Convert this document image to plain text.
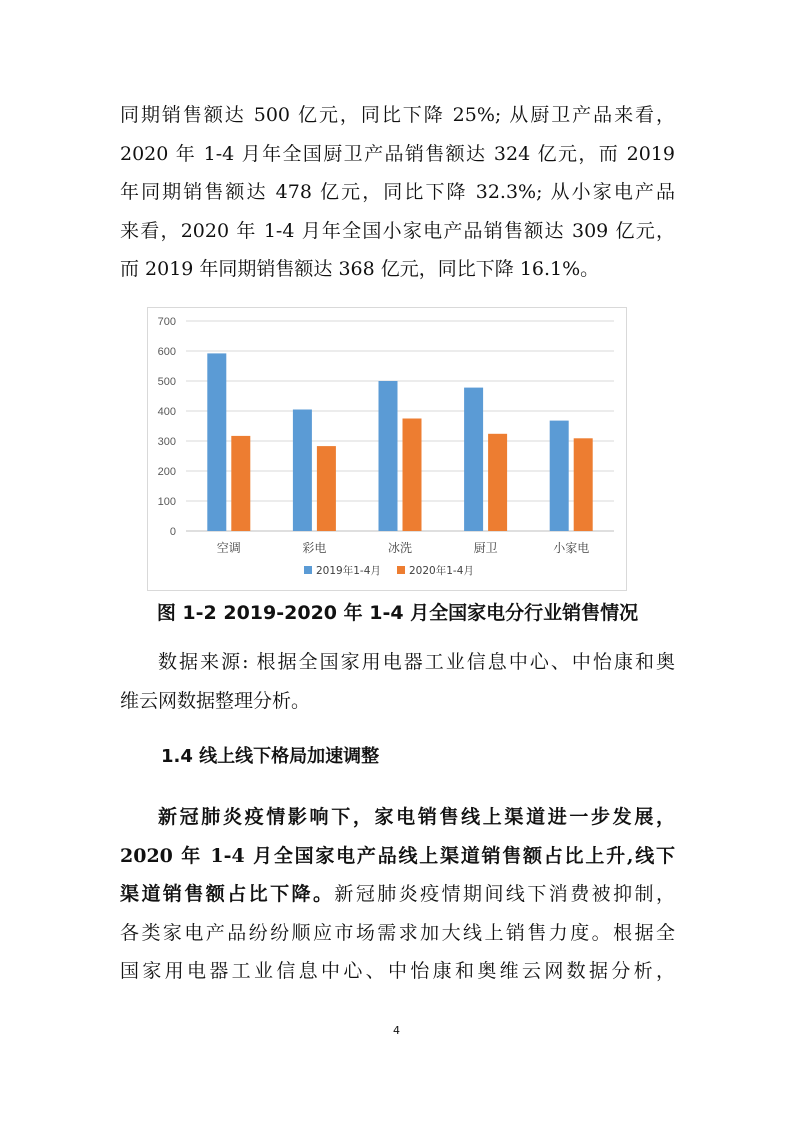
同期销售额达 500 亿元，同比下降 25%; 从厨卫产品来看，

2020 年 1-4 月年全国厨卫产品销售额达 324 亿元，而 2019

年同期销售额达 478 亿元，同比下降 32.3%; 从小家电产品

来看，2020 年 1-4 月年全国小家电产品销售额达 309 亿元，

而 2019 年同期销售额达 368 亿元，同比下降 16.1%。

0
100
200
300
400
500
600
700
空调	彩电	冰洗	厨卫	小家电
2019年1-4月	2020年1-4月
图 1-2 2019-2020 年 1-4 月全国家电分行业销售情况

数据来源: 根据全国家用电器工业信息中心、中怡康和奥

维云网数据整理分析。

1.4 线上线下格局加速调整

新冠肺炎疫情影响下，家电销售线上渠道进一步发展，

2020 年 1-4 月全国家电产品线上渠道销售额占比上升,线下

渠道销售额占比下降。新冠肺炎疫情期间线下消费被抑制，

各类家电产品纷纷顺应市场需求加大线上销售力度。根据全

国家用电器工业信息中心、中怡康和奥维云网数据分析，

4
